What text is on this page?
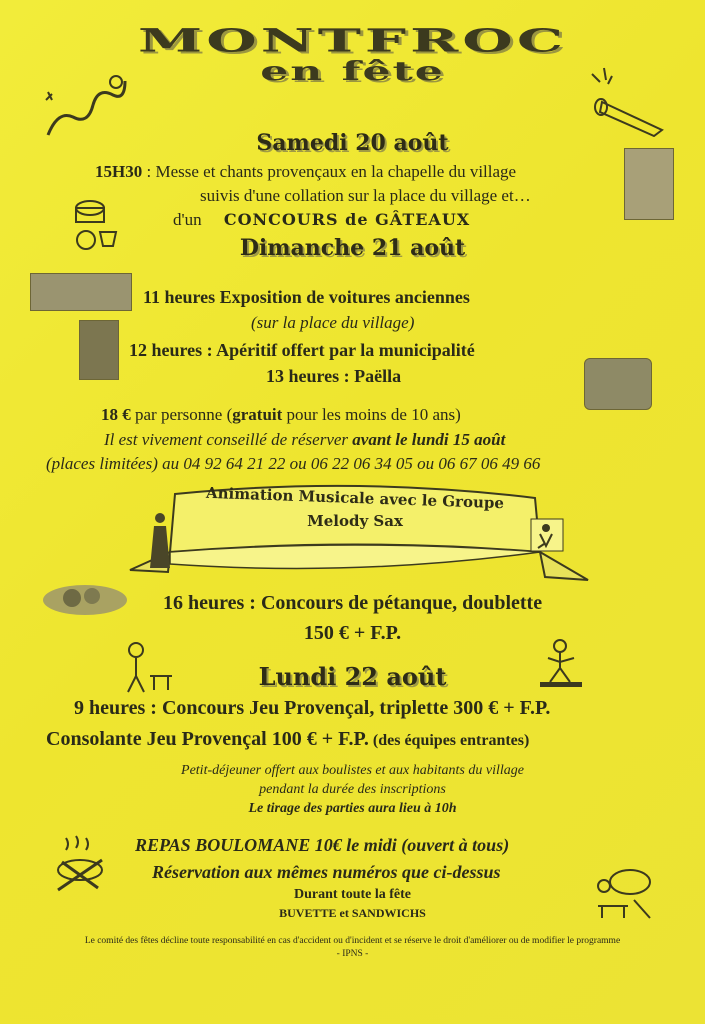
MONTFROC
en fête
Samedi 20 août
15H30 : Messe et chants provençaux en la chapelle du village
suivis d'une collation sur la place du village et…
d'un CONCOURS de GÂTEAUX
Dimanche 21 août
11 heures Exposition de voitures anciennes
(sur la place du village)
12 heures : Apéritif offert par la municipalité
13 heures : Paëlla
18 € par personne (gratuit pour les moins de 10 ans)
Il est vivement conseillé de réserver avant le lundi 15 août
(places limitées) au 04 92 64 21 22 ou 06 22 06 34 05 ou 06 67 06 49 66
Animation Musicale avec le Groupe
Melody Sax
16 heures : Concours de pétanque, doublette
150 € + F.P.
Lundi 22 août
9 heures : Concours Jeu Provençal, triplette 300 € + F.P.
Consolante Jeu Provençal 100 € + F.P. (des équipes entrantes)
Petit-déjeuner offert aux boulistes et aux habitants du village
pendant la durée des inscriptions
Le tirage des parties aura lieu à 10h
REPAS BOULOMANE 10€ le midi (ouvert à tous)
Réservation aux mêmes numéros que ci-dessus
Durant toute la fête
BUVETTE et SANDWICHS
Le comité des fêtes décline toute responsabilité en cas d'accident ou d'incident et se réserve le droit d'améliorer ou de modifier le programme
- IPNS -
